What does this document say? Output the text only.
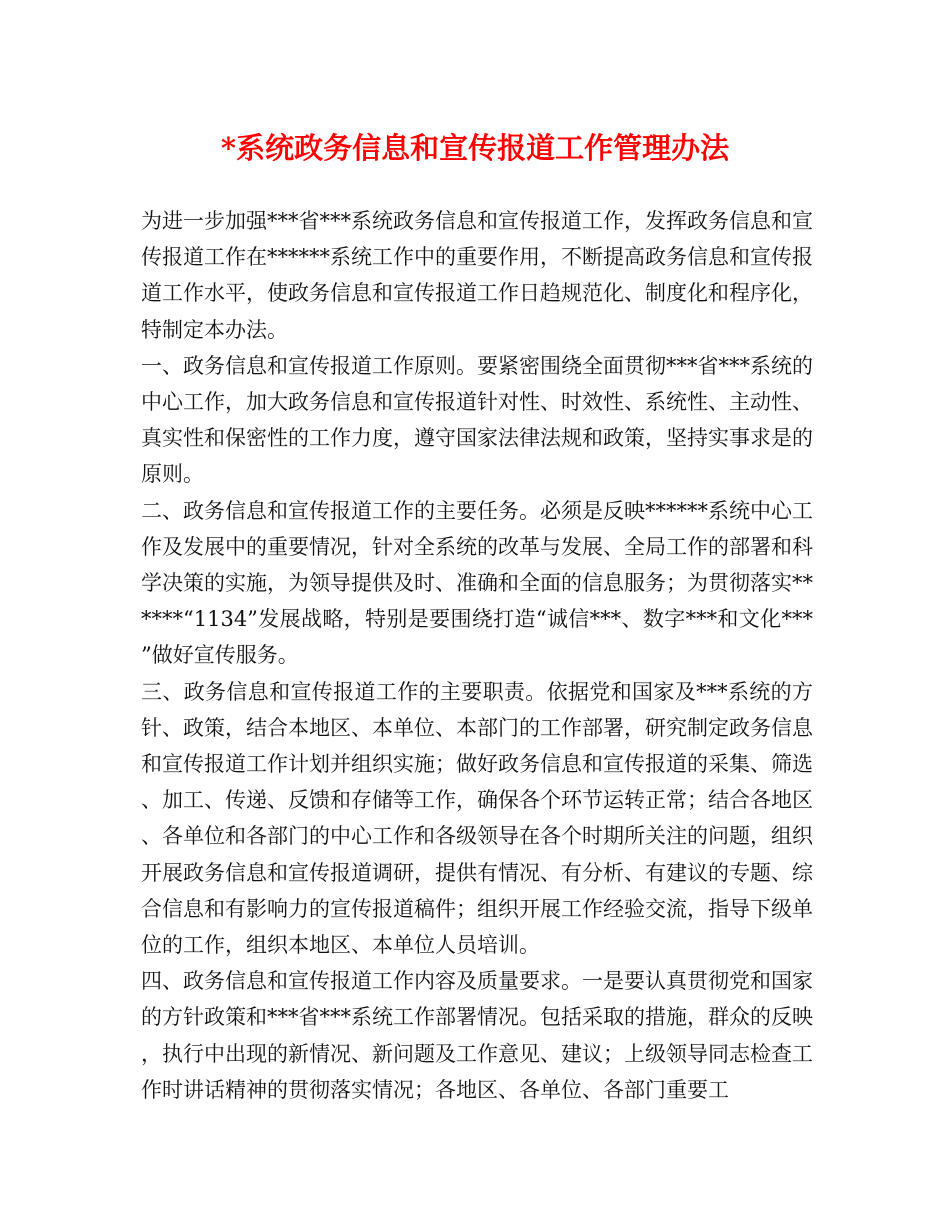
*系统政务信息和宣传报道工作管理办法

为进一步加强***省***系统政务信息和宣传报道工作，发挥政务信息和宣传报道工作在******系统工作中的重要作用，不断提高政务信息和宣传报道工作水平，使政务信息和宣传报道工作日趋规范化、制度化和程序化，特制定本办法。

一、政务信息和宣传报道工作原则。要紧密围绕全面贯彻***省***系统的中心工作，加大政务信息和宣传报道针对性、时效性、系统性、主动性、真实性和保密性的工作力度，遵守国家法律法规和政策，坚持实事求是的原则。

二、政务信息和宣传报道工作的主要任务。必须是反映******系统中心工作及发展中的重要情况，针对全系统的改革与发展、全局工作的部署和科学决策的实施，为领导提供及时、准确和全面的信息服务；为贯彻落实******“1134”发展战略，特别是要围绕打造“诚信***、数字***和文化***”做好宣传服务。

三、政务信息和宣传报道工作的主要职责。依据党和国家及***系统的方针、政策，结合本地区、本单位、本部门的工作部署，研究制定政务信息和宣传报道工作计划并组织实施；做好政务信息和宣传报道的采集、筛选、加工、传递、反馈和存储等工作，确保各个环节运转正常；结合各地区、各单位和各部门的中心工作和各级领导在各个时期所关注的问题，组织开展政务信息和宣传报道调研，提供有情况、有分析、有建议的专题、综合信息和有影响力的宣传报道稿件；组织开展工作经验交流，指导下级单位的工作，组织本地区、本单位人员培训。

四、政务信息和宣传报道工作内容及质量要求。一是要认真贯彻党和国家的方针政策和***省***系统工作部署情况。包括采取的措施，群众的反映，执行中出现的新情况、新问题及工作意见、建议；上级领导同志检查工作时讲话精神的贯彻落实情况；各地区、各单位、各部门重要工
